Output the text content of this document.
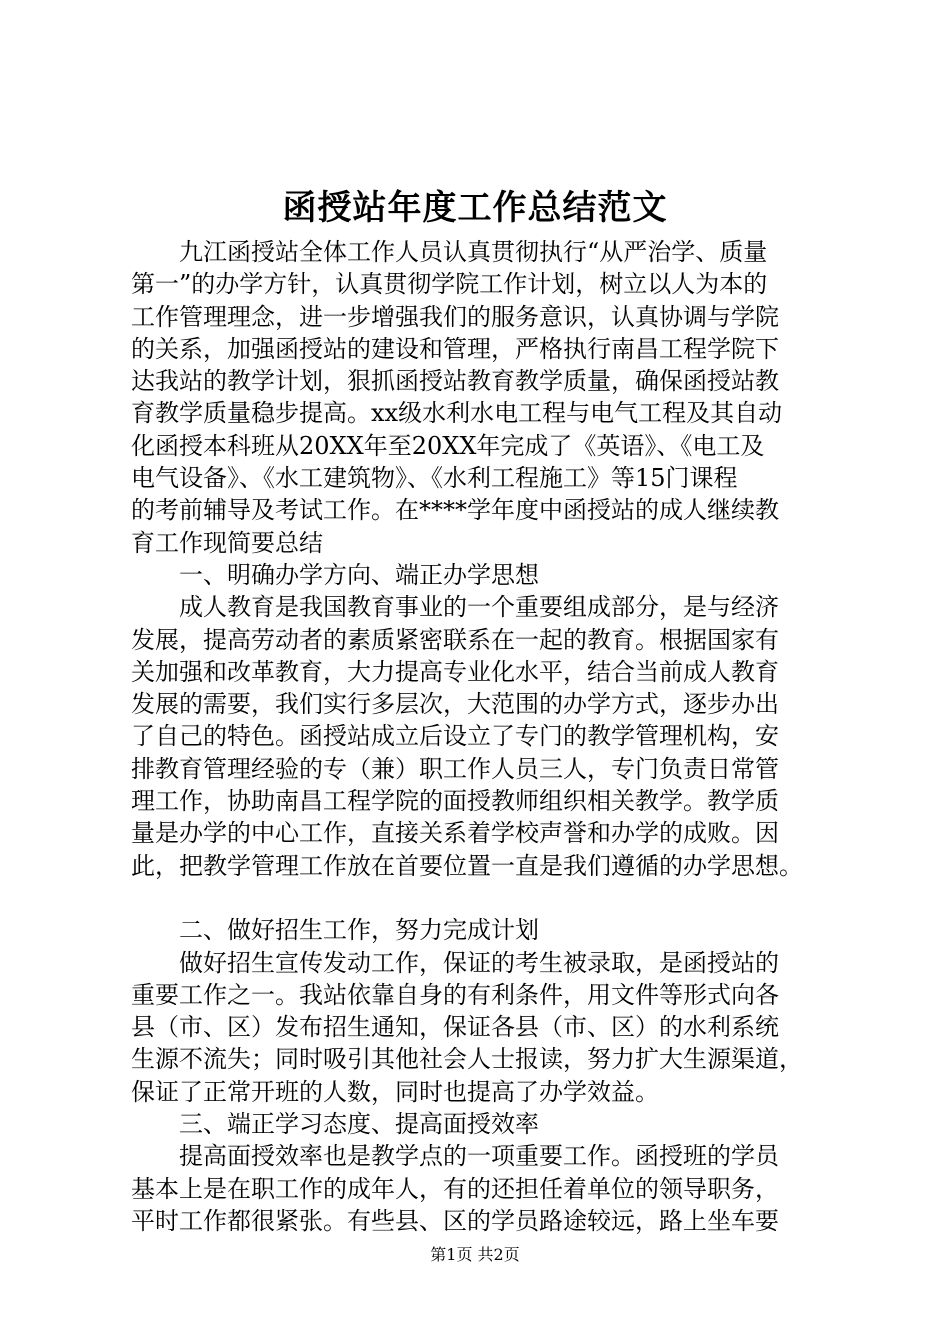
函授站年度工作总结范文
九江函授站全体工作人员认真贯彻执行“从严治学、质量
第一”的办学方针，认真贯彻学院工作计划，树立以人为本的
工作管理理念，进一步增强我们的服务意识，认真协调与学院
的关系，加强函授站的建设和管理，严格执行南昌工程学院下
达我站的教学计划，狠抓函授站教育教学质量，确保函授站教
育教学质量稳步提高。xx级水利水电工程与电气工程及其自动
化函授本科班从20XX年至20XX年完成了《英语》、《电工及
电气设备》、《水工建筑物》、《水利工程施工》等15门课程
的考前辅导及考试工作。在****学年度中函授站的成人继续教
育工作现简要总结
一、明确办学方向、端正办学思想
成人教育是我国教育事业的一个重要组成部分，是与经济
发展，提高劳动者的素质紧密联系在一起的教育。根据国家有
关加强和改革教育，大力提高专业化水平，结合当前成人教育
发展的需要，我们实行多层次，大范围的办学方式，逐步办出
了自己的特色。函授站成立后设立了专门的教学管理机构，安
排教育管理经验的专（兼）职工作人员三人，专门负责日常管
理工作，协助南昌工程学院的面授教师组织相关教学。教学质
量是办学的中心工作，直接关系着学校声誉和办学的成败。因
此，把教学管理工作放在首要位置一直是我们遵循的办学思想。
二、做好招生工作，努力完成计划
做好招生宣传发动工作，保证的考生被录取，是函授站的
重要工作之一。我站依靠自身的有利条件，用文件等形式向各
县（市、区）发布招生通知，保证各县（市、区）的水利系统
生源不流失；同时吸引其他社会人士报读，努力扩大生源渠道，
保证了正常开班的人数，同时也提高了办学效益。
三、端正学习态度、提高面授效率
提高面授效率也是教学点的一项重要工作。函授班的学员
基本上是在职工作的成年人，有的还担任着单位的领导职务，
平时工作都很紧张。有些县、区的学员路途较远，路上坐车要
第1页 共2页
